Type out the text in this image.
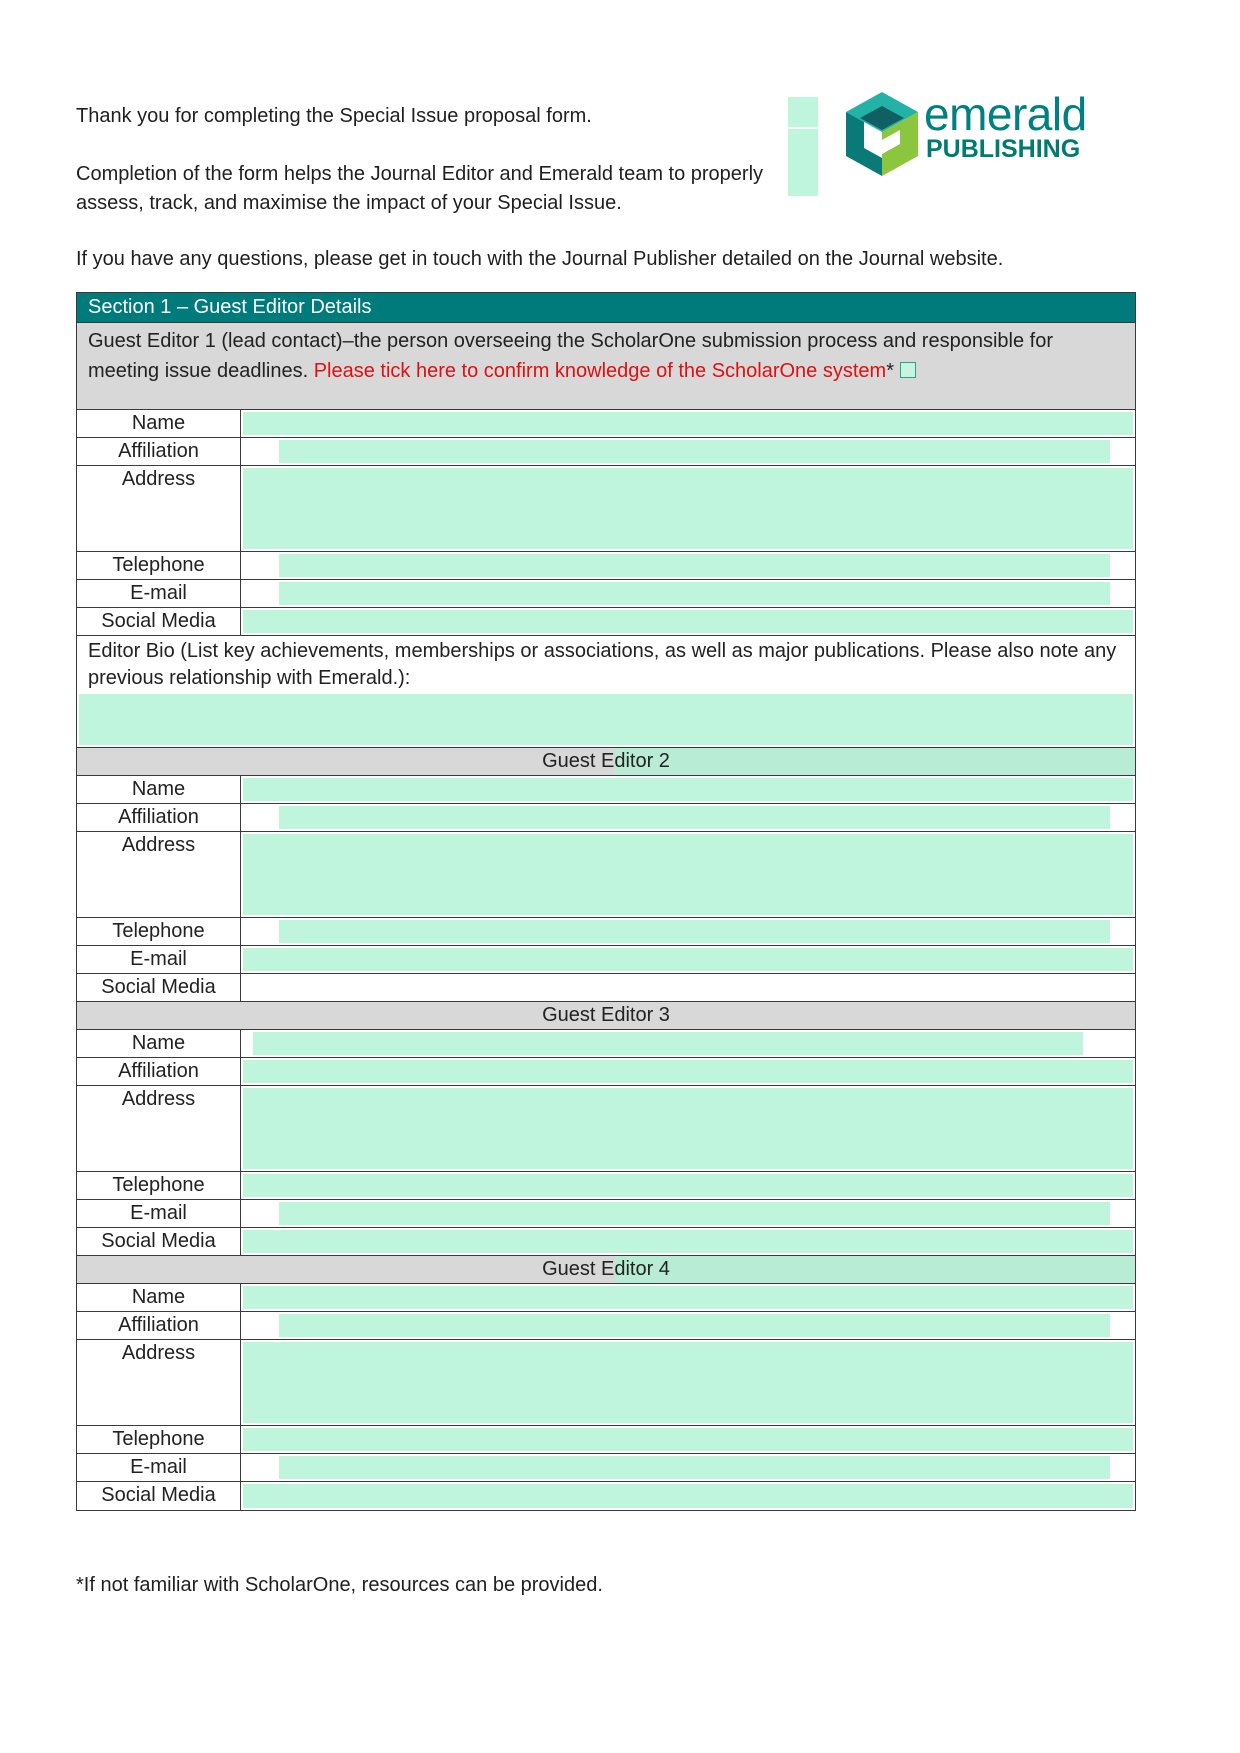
Thank you for completing the Special Issue proposal form.
Completion of the form helps the Journal Editor and Emerald team to properly assess, track, and maximise the impact of your Special Issue.
If you have any questions, please get in touch with the Journal Publisher detailed on the Journal website.
emerald
PUBLISHING
Section 1 – Guest Editor Details
Guest Editor 1 (lead contact)–the person overseeing the ScholarOne submission process and responsible for meeting issue deadlines. Please tick here to confirm knowledge of the ScholarOne system*
Name
Affiliation
Address
Telephone
E-mail
Social Media
Editor Bio (List key achievements, memberships or associations, as well as major publications. Please also note any previous relationship with Emerald.):
Guest Editor 2
Name
Affiliation
Address
Telephone
E-mail
Social Media
Guest Editor 3
Name
Affiliation
Address
Telephone
E-mail
Social Media
Guest Editor 4
Name
Affiliation
Address
Telephone
E-mail
Social Media
*If not familiar with ScholarOne, resources can be provided.
